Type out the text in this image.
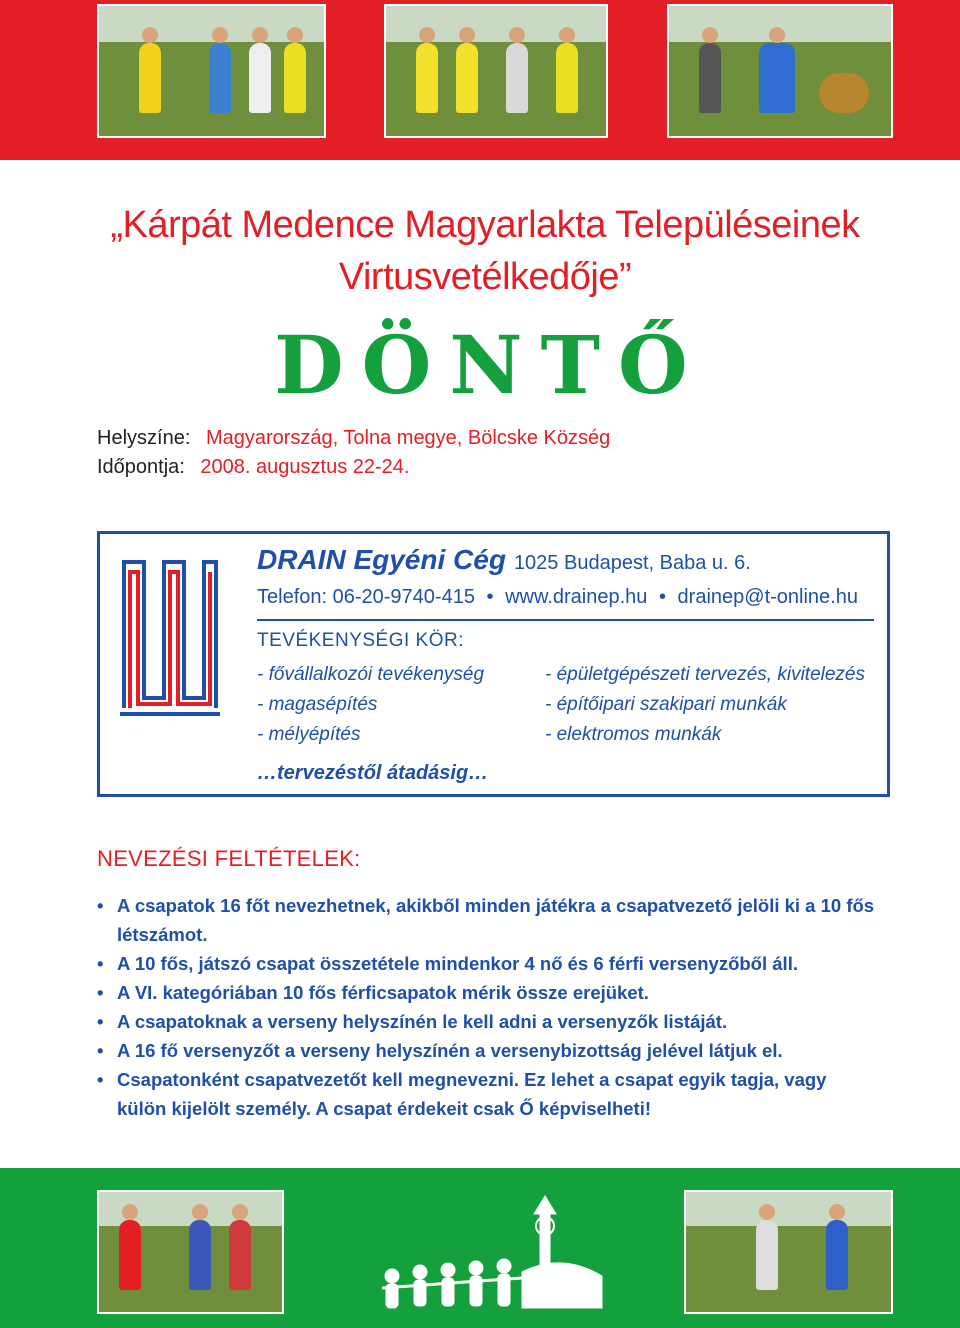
„Kárpát Medence Magyarlakta Településeinek
Virtusvetélkedője”
DÖNTŐ
Helyszíne: Magyarország, Tolna megye, Bölcske Község
Időpontja: 2008. augusztus 22-24.
DRAIN Egyéni Cég 1025 Budapest, Baba u. 6.
Telefon: 06-20-9740-415 • www.drainep.hu • drainep@t-online.hu
TEVÉKENYSÉGI KÖR:
- fővállalkozói tevékenység
- magasépítés
- mélyépítés
- épületgépészeti tervezés, kivitelezés
- építőipari szakipari munkák
- elektromos munkák
…tervezéstől átadásig…
NEVEZÉSI FELTÉTELEK:
• A csapatok 16 főt nevezhetnek, akikből minden játékra a csapatvezető jelöli ki a 10 fős létszámot.
• A 10 fős, játszó csapat összetétele mindenkor 4 nő és 6 férfi versenyzőből áll.
• A VI. kategóriában 10 fős férficsapatok mérik össze erejüket.
• A csapatoknak a verseny helyszínén le kell adni a versenyzők listáját.
• A 16 fő versenyzőt a verseny helyszínén a versenybizottság jelével látjuk el.
• Csapatonként csapatvezetőt kell megnevezni. Ez lehet a csapat egyik tagja, vagy külön kijelölt személy. A csapat érdekeit csak Ő képviselheti!
